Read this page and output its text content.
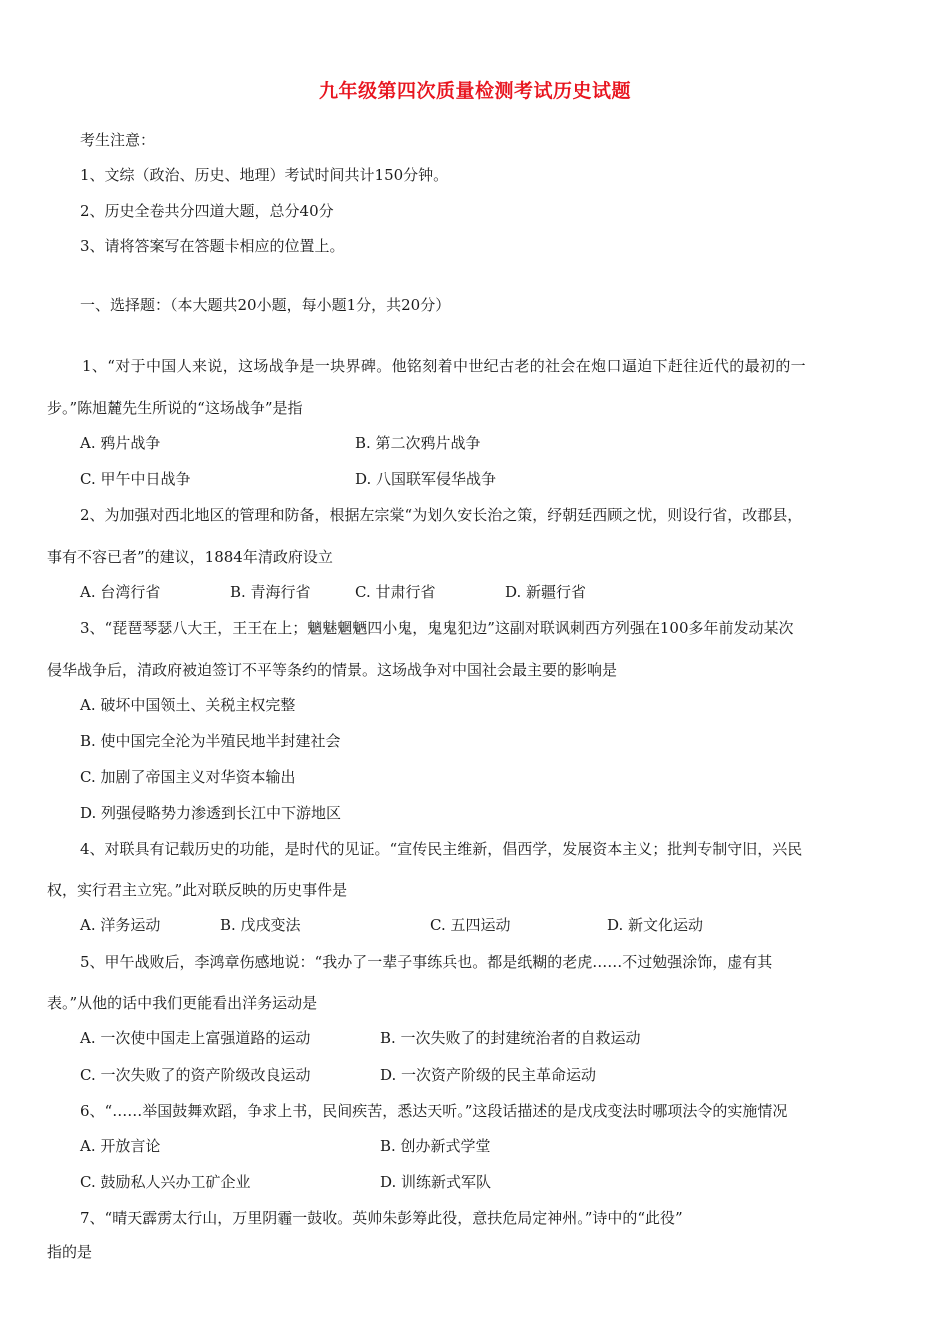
九年级第四次质量检测考试历史试题
考生注意：
1、文综（政治、历史、地理）考试时间共计150分钟。
2、历史全卷共分四道大题，总分40分
3、请将答案写在答题卡相应的位置上。
一、选择题：（本大题共20小题，每小题1分，共20分）
1、“对于中国人来说，这场战争是一块界碑。他铭刻着中世纪古老的社会在炮口逼迫下赶往近代的最初的一
步。”陈旭麓先生所说的“这场战争”是指
A. 鸦片战争	B. 第二次鸦片战争
C. 甲午中日战争	D. 八国联军侵华战争
2、为加强对西北地区的管理和防备，根据左宗棠“为划久安长治之策，纾朝廷西顾之忧，则设行省，改郡县，
事有不容已者”的建议，1884年清政府设立
A. 台湾行省	B. 青海行省	C. 甘肃行省	D. 新疆行省
3、“琵琶琴瑟八大王，王王在上；魑魅魍魉四小鬼，鬼鬼犯边”这副对联讽刺西方列强在100多年前发动某次
侵华战争后，清政府被迫签订不平等条约的情景。这场战争对中国社会最主要的影响是
A. 破坏中国领土、关税主权完整
B. 使中国完全沦为半殖民地半封建社会
C. 加剧了帝国主义对华资本输出
D. 列强侵略势力渗透到长江中下游地区
4、对联具有记载历史的功能，是时代的见证。“宣传民主维新，倡西学，发展资本主义；批判专制守旧，兴民
权，实行君主立宪。”此对联反映的历史事件是
A. 洋务运动	B. 戊戌变法	C. 五四运动	D. 新文化运动
5、甲午战败后，李鸿章伤感地说：“我办了一辈子事练兵也。都是纸糊的老虎……不过勉强涂饰，虚有其
表。”从他的话中我们更能看出洋务运动是
A. 一次使中国走上富强道路的运动	B. 一次失败了的封建统治者的自救运动
C. 一次失败了的资产阶级改良运动	D. 一次资产阶级的民主革命运动
6、“……举国鼓舞欢蹈，争求上书，民间疾苦，悉达天听。”这段话描述的是戊戌变法时哪项法令的实施情况
A. 开放言论	B. 创办新式学堂
C. 鼓励私人兴办工矿企业	D. 训练新式军队
7、“晴天霹雳太行山，万里阴霾一鼓收。英帅朱彭筹此役，意扶危局定神州。”诗中的“此役”
指的是
